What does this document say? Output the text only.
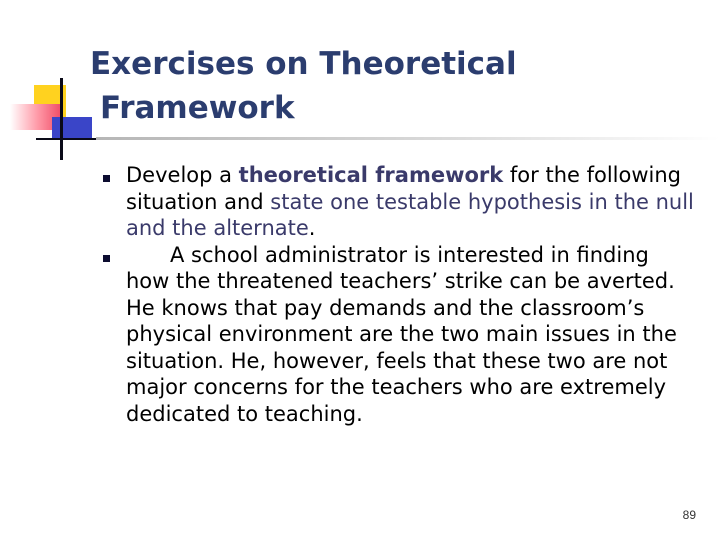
Exercises on Theoretical
Framework
Develop a theoretical framework for the following situation and state one testable hypothesis in the null and the alternate.
A school administrator is interested in finding how the threatened teachers’ strike can be averted. He knows that pay demands and the classroom’s physical environment are the two main issues in the situation. He, however, feels that these two are not major concerns for the teachers who are extremely dedicated to teaching.
89
